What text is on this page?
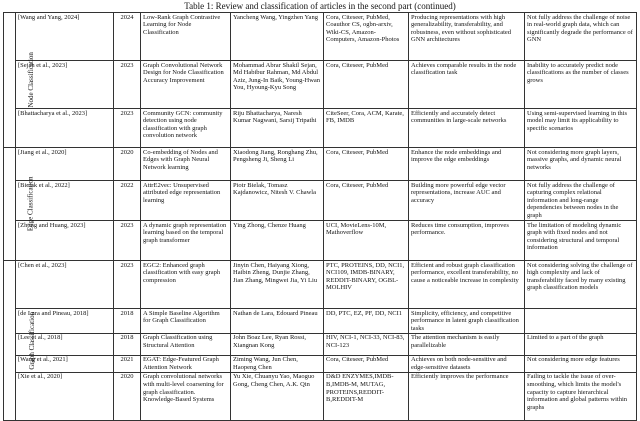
Table 1: Review and classification of articles in the second part (continued)
Node Classification	[Wang and Yang, 2024]	2024	Low-Rank Graph Contrastive Learning for Node Classification	Yancheng Wang, Yingzhen Yang	Cora, Citeseer, PubMed, Coauthor CS, ogbn-arxiv, Wiki-CS, Amazon-Computers, Amazon-Photos	Producing representations with high generalizability, transferability, and robustness, even without sophisticated GNN architectures	Not fully address the challenge of noise in real-world graph data, which can significantly degrade the performance of GNN
	[Sejan et al., 2023]	2023	Graph Convolutional Network Design for Node Classification Accuracy Improvement	Mohammad Abrar Shakil Sejan, Md Habibur Rahman, Md Abdul Aziz, Jung-In Baik, Young-Hwan You, Hyoung-Kyu Song	Cora, Citeseer, PubMed	Achieves comparable results in the node classification task	Inability to accurately predict node classifications as the number of classes grows
	[Bhattacharya et al., 2023]	2023	Community GCN: community detection using node classification with graph convolution network	Riju Bhattacharya, Naresh Kumar Nagwani, Sarsij Tripathi	CiteSeer, Cora, ACM, Karate, FB, IMDB	Efficiently and accurately detect communities in large-scale networks	Using semi-supervised learning in this model may limit its applicability to specific scenarios
Edge Classification	[Jiang et al., 2020]	2020	Co-embedding of Nodes and Edges with Graph Neural Network learning	Xiaodong Jiang, Ronghang Zhu, Pengsheng Ji, Sheng Li	Cora, Citeseer, PubMed	Enhance the node embeddings and improve the edge embeddings	Not considering more graph layers, massive graphs, and dynamic neural networks
	[Bielak et al., 2022]	2022	AttrE2vec: Unsupervised attributed edge representation learning	Piotr Bielak, Tomasz Kajdanowicz, Nitesh V. Chawla	Cora, Citeseer, PubMed	Building more powerful edge vector representations, increase AUC and accuracy	Not fully address the challenge of capturing complex relational information and long-range dependencies between nodes in the graph
	[Zhong and Huang, 2023]	2023	A dynamic graph representation learning based on the temporal graph transformer	Ying Zhong, Chenze Huang	UCI, MovieLens-10M, Mathoverflow	Reduces time consumption, improves performance.	The limitation of modeling dynamic graph with fixed nodes and not considering structural and temporal information
Graph Classification	[Chen et al., 2023]	2023	EGC2: Enhanced graph classification with easy graph compression	Jinyin Chen, Haiyang Xiong, Haibin Zheng, Dunjie Zhang, Jian Zhang, Mingwei Jia, Yi Liu	PTC, PROTEINS, DD, NCI1, NCI109, IMDB-BINARY, REDDIT-BINARY, OGBL-MOLHIV	Efficient and robust graph classification performance, excellent transferability, no cause a noticeable increase in complexity	Not considering solving the challenge of high complexity and lack of transferability faced by many existing graph classification models
	[de Lara and Pineau, 2018]	2018	A Simple Baseline Algorithm for Graph Classification	Nathan de Lara, Edouard Pineau	DD, PTC, EZ, PF, DD, NCI1	Simplicity, efficiency, and competitive performance in latent graph classification tasks	
	[Lee et al., 2018]	2018	Graph Classification using Structural Attention	John Boaz Lee, Ryan Rossi, Xiangnan Kong	HIV, NCI-1, NCI-33, NCI-83, NCI-123	The attention mechanism is easily parallelizable	Limited to a part of the graph
	[Wang et al., 2021]	2021	EGAT: Edge-Featured Graph Attention Network	Ziming Wang, Jun Chen, Haopeng Chen	Cora, Citeseer, PubMed	Achieves on both node-sensitive and edge-sensitive datasets	Not considering more edge features
	[Xie et al., 2020]	2020	Graph convolutional networks with multi-level coarsening for graph classification. Knowledge-Based Systems	Yu Xie, Chuanyu Yao, Maoguo Gong, Cheng Chen, A.K. Qin	D&D ENZYMES,IMDB-B,IMDB-M, MUTAG, PROTEINS,REDDIT-B,REDDIT-M	Efficiently improves the performance	Failing to tackle the issue of over-smoothing, which limits the model's capacity to capture hierarchical information and global patterns within graphs
